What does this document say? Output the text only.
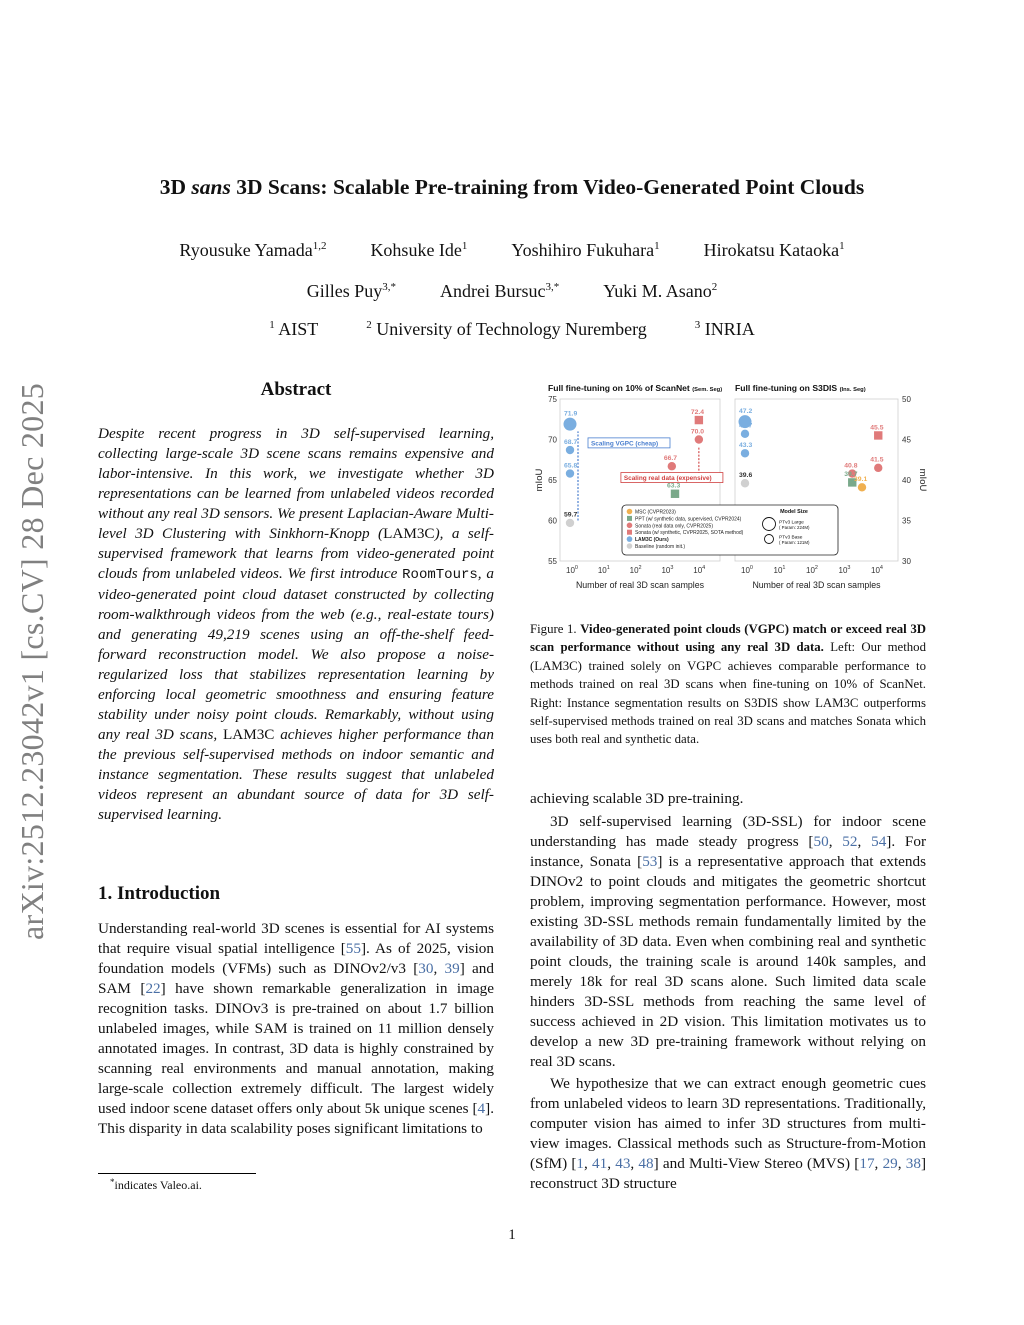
arXiv:2512.23042v1 [cs.CV] 28 Dec 2025
3D sans 3D Scans: Scalable Pre-training from Video-Generated Point Clouds
Ryousuke Yamada$^{1,2}$ Kohsuke Ide$^1$ Yoshihiro Fukuhara$^1$ Hirokatsu Kataoka$^1$
Gilles Puy$^{3,*}$ Andrei Bursuc$^{3,*}$ Yuki M. Asano$^2$
$^1$ AIST	$^2$ University of Technology Nuremberg	$^3$ INRIA
Abstract
Despite recent progress in 3D self-supervised learning, collecting large-scale 3D scene scans remains expensive and labor-intensive. In this work, we investigate whether 3D representations can be learned from unlabeled videos recorded without any real 3D sensors. We present Laplacian-Aware Multi-level 3D Clustering with Sinkhorn-Knopp (LAM3C), a self-supervised framework that learns from video-generated point clouds from unlabeled videos. We first introduce RoomTours, a video-generated point cloud dataset constructed by collecting room-walkthrough videos from the web (e.g., real-estate tours) and generating 49,219 scenes using an off-the-shelf feed-forward reconstruction model. We also propose a noise-regularized loss that stabilizes representation learning by enforcing local geometric smoothness and ensuring feature stability under noisy point clouds. Remarkably, without using any real 3D scans, LAM3C achieves higher performance than the previous self-supervised methods on indoor semantic and instance segmentation. These results suggest that unlabeled videos represent an abundant source of data for 3D self-supervised learning.
1. Introduction
Understanding real-world 3D scenes is essential for AI systems that require visual spatial intelligence [55]. As of 2025, vision foundation models (VFMs) such as DINOv2/v3 [30, 39] and SAM [22] have shown remarkable generalization in image recognition tasks. DINOv3 is pre-trained on about 1.7 billion unlabeled images, while SAM is trained on 11 million densely annotated images. In contrast, 3D data is highly constrained by scanning real environments and manual annotation, making large-scale collection extremely difficult. The largest widely used indoor scene dataset offers only about 5k unique scenes [4]. This disparity in data scalability poses significant limitations to
Full fine-tuning on 10% of ScanNet (Sem. Seg)
55
60
65
70
75
$10^0$ $10^1$ $10^2$ $10^3$ $10^4$
Number of real 3D scan samples
mIoU
71.9
68.7
65.8
59.7
66.7
72.4
70.0
63.3
Scaling VGPC (cheap)
Scaling real data (expensive)
Full fine-tuning on S3DIS (Ins. Seg)
30
35
40
45
50
$10^0$	$10^1$	$10^2$	$10^3$	$10^4$
Number of real 3D scan samples
mIoU
47.2
45.7
43.3
39.6
40.8
39.7
39.1
45.5
41.5
MSC (CVPR2023)
PPT (w/ synthetic data, supervised, CVPR2024)
Sonata (real data only, CVPR2025)
Sonata (w/ synthetic, CVPR2025, SOTA method)
LAM3C (Ours)
Baseline (random init.)
Model Size
PTv3 Large
( Param: 224M)
PTv3 Base
( Param: 121M)
Figure 1. Video-generated point clouds (VGPC) match or exceed real 3D scan performance without using any real 3D data. Left: Our method (LAM3C) trained solely on VGPC achieves comparable performance to methods trained on real 3D scans when fine-tuning on 10% of ScanNet. Right: Instance segmentation results on S3DIS show LAM3C outperforms self-supervised methods trained on real 3D scans and matches Sonata which uses both real and synthetic data.
achieving scalable 3D pre-training.
3D self-supervised learning (3D-SSL) for indoor scene understanding has made steady progress [50, 52, 54]. For instance, Sonata [53] is a representative approach that extends DINOv2 to point clouds and mitigates the geometric shortcut problem, improving segmentation performance. However, most existing 3D-SSL methods remain fundamentally limited by the availability of 3D data. Even when combining real and synthetic point clouds, the training scale is around 140k samples, and merely 18k for real 3D scans alone. Such limited data scale hinders 3D-SSL methods from reaching the same level of success achieved in 2D vision. This limitation motivates us to develop a new 3D pre-training framework without relying on real 3D scans.
We hypothesize that we can extract enough geometric cues from unlabeled videos to learn 3D representations. Traditionally, computer vision has aimed to infer 3D structures from multi-view images. Classical methods such as Structure-from-Motion (SfM) [1, 41, 43, 48] and Multi-View Stereo (MVS) [17, 29, 38] reconstruct 3D structure
*indicates Valeo.ai.
1
